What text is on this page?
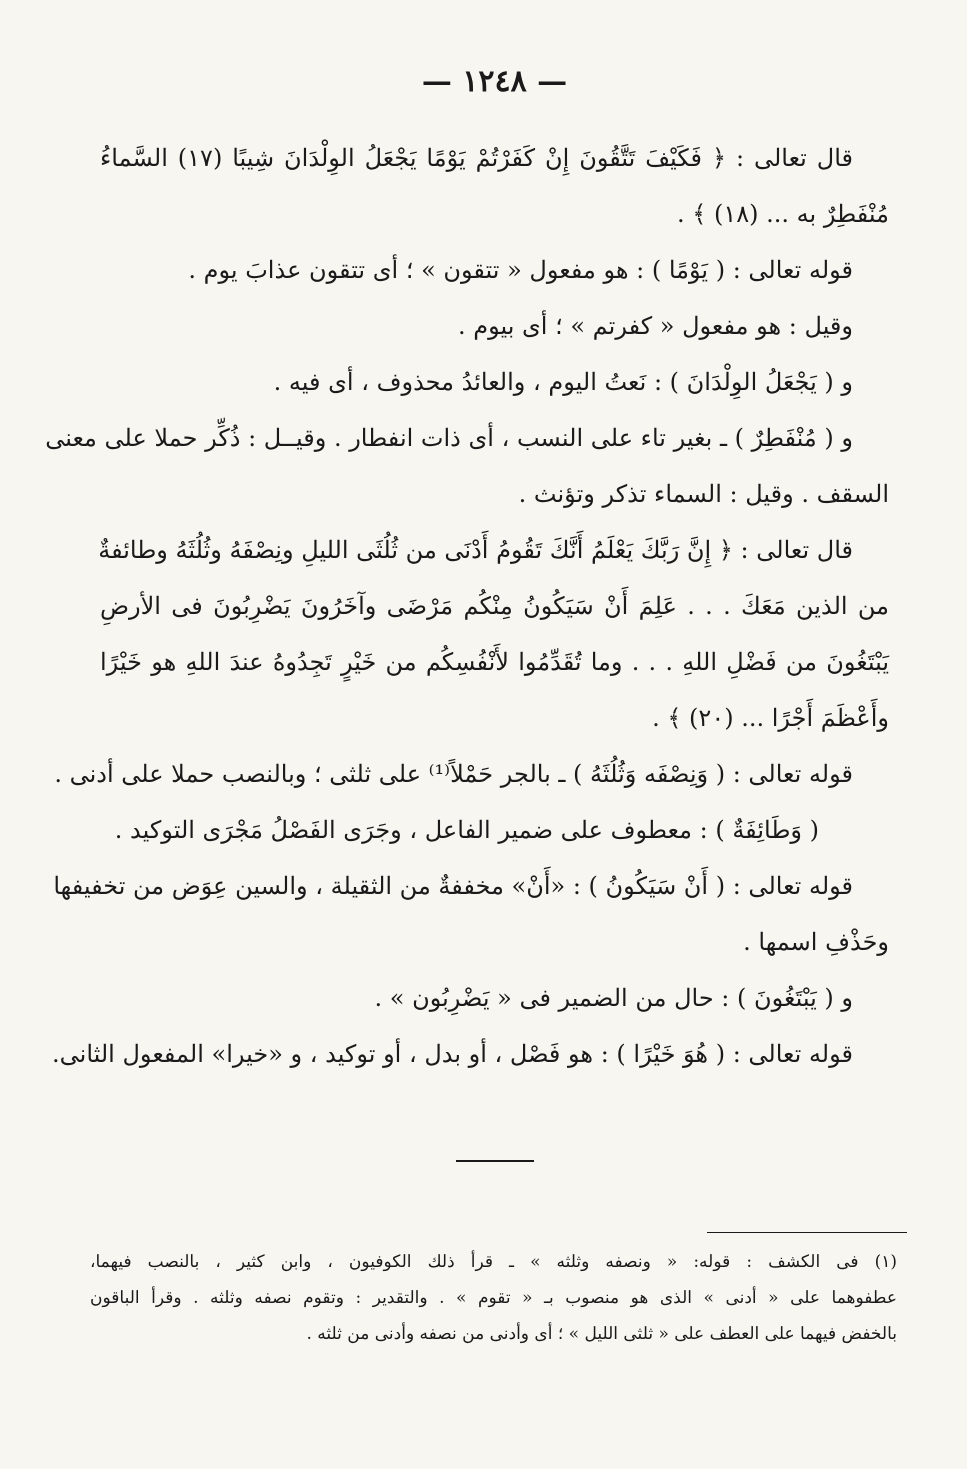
— ١٢٤٨ —
قال تعالى : ﴿ فَكَيْفَ تَتَّقُونَ إِنْ كَفَرْتُمْ يَوْمًا يَجْعَلُ الوِلْدَانَ شِيبًا (١٧) السَّماءُ
مُنْفَطِرٌ به ... (١٨) ﴾ .
قوله تعالى : ( يَوْمًا ) : هو مفعول « تتقون » ؛ أى تتقون عذابَ يوم .
وقيل : هو مفعول « كفرتم » ؛ أى بيوم .
و ( يَجْعَلُ الوِلْدَانَ ) : نَعتُ اليوم ، والعائدُ محذوف ، أى فيه .
و ( مُنْفَطِرٌ ) ـ بغير تاء على النسب ، أى ذات انفطار . وقيــل : ذُكِّر حملا على معنى
السقف . وقيل : السماء تذكر وتؤنث .
قال تعالى : ﴿ إِنَّ رَبَّكَ يَعْلَمُ أَنَّكَ تَقُومُ أَدْنَى من ثُلُثَى الليلِ ونِصْفَهُ وثُلُثَهُ وطائفةٌ
من الذين مَعَكَ . . . عَلِمَ أَنْ سَيَكُونُ مِنْكُم مَرْضَى وآخَرُونَ يَضْرِبُونَ فى الأرضِ
يَبْتَغُونَ من فَضْلِ اللهِ . . . وما تُقَدِّمُوا لأَنْفُسِكُم من خَيْرٍ تَجِدُوهُ عندَ اللهِ هو خَيْرًا
وأَعْظَمَ أَجْرًا ... (٢٠) ﴾ .
قوله تعالى : ( وَنِصْفَه وَثُلُثَهُ ) ـ بالجر حَمْلاً⁽¹⁾ على ثلثى ؛ وبالنصب حملا على أدنى .
( وَطَائِفَةٌ ) : معطوف على ضمير الفاعل ، وجَرَى الفَصْلُ مَجْرَى التوكيد .
قوله تعالى : ( أَنْ سَيَكُونُ ) : «أَنْ» مخففةٌ من الثقيلة ، والسين عِوَض من تخفيفها
وحَذْفِ اسمها .
و ( يَبْتَغُونَ ) : حال من الضمير فى « يَضْرِبُون » .
قوله تعالى : ( هُوَ خَيْرًا ) : هو فَصْل ، أو بدل ، أو توكيد ، و «خيرا» المفعول الثانى.
(١) فى الكشف : قوله: « ونصفه وثلثه » ـ قرأ ذلك الكوفيون ، وابن كثير ، بالنصب فيهما،
عطفوهما على « أدنى » الذى هو منصوب بـ « تقوم » . والتقدير : وتقوم نصفه وثلثه . وقرأ الباقون
بالخفض فيهما على العطف على « ثلثى الليل » ؛ أى وأدنى من نصفه وأدنى من ثلثه .
